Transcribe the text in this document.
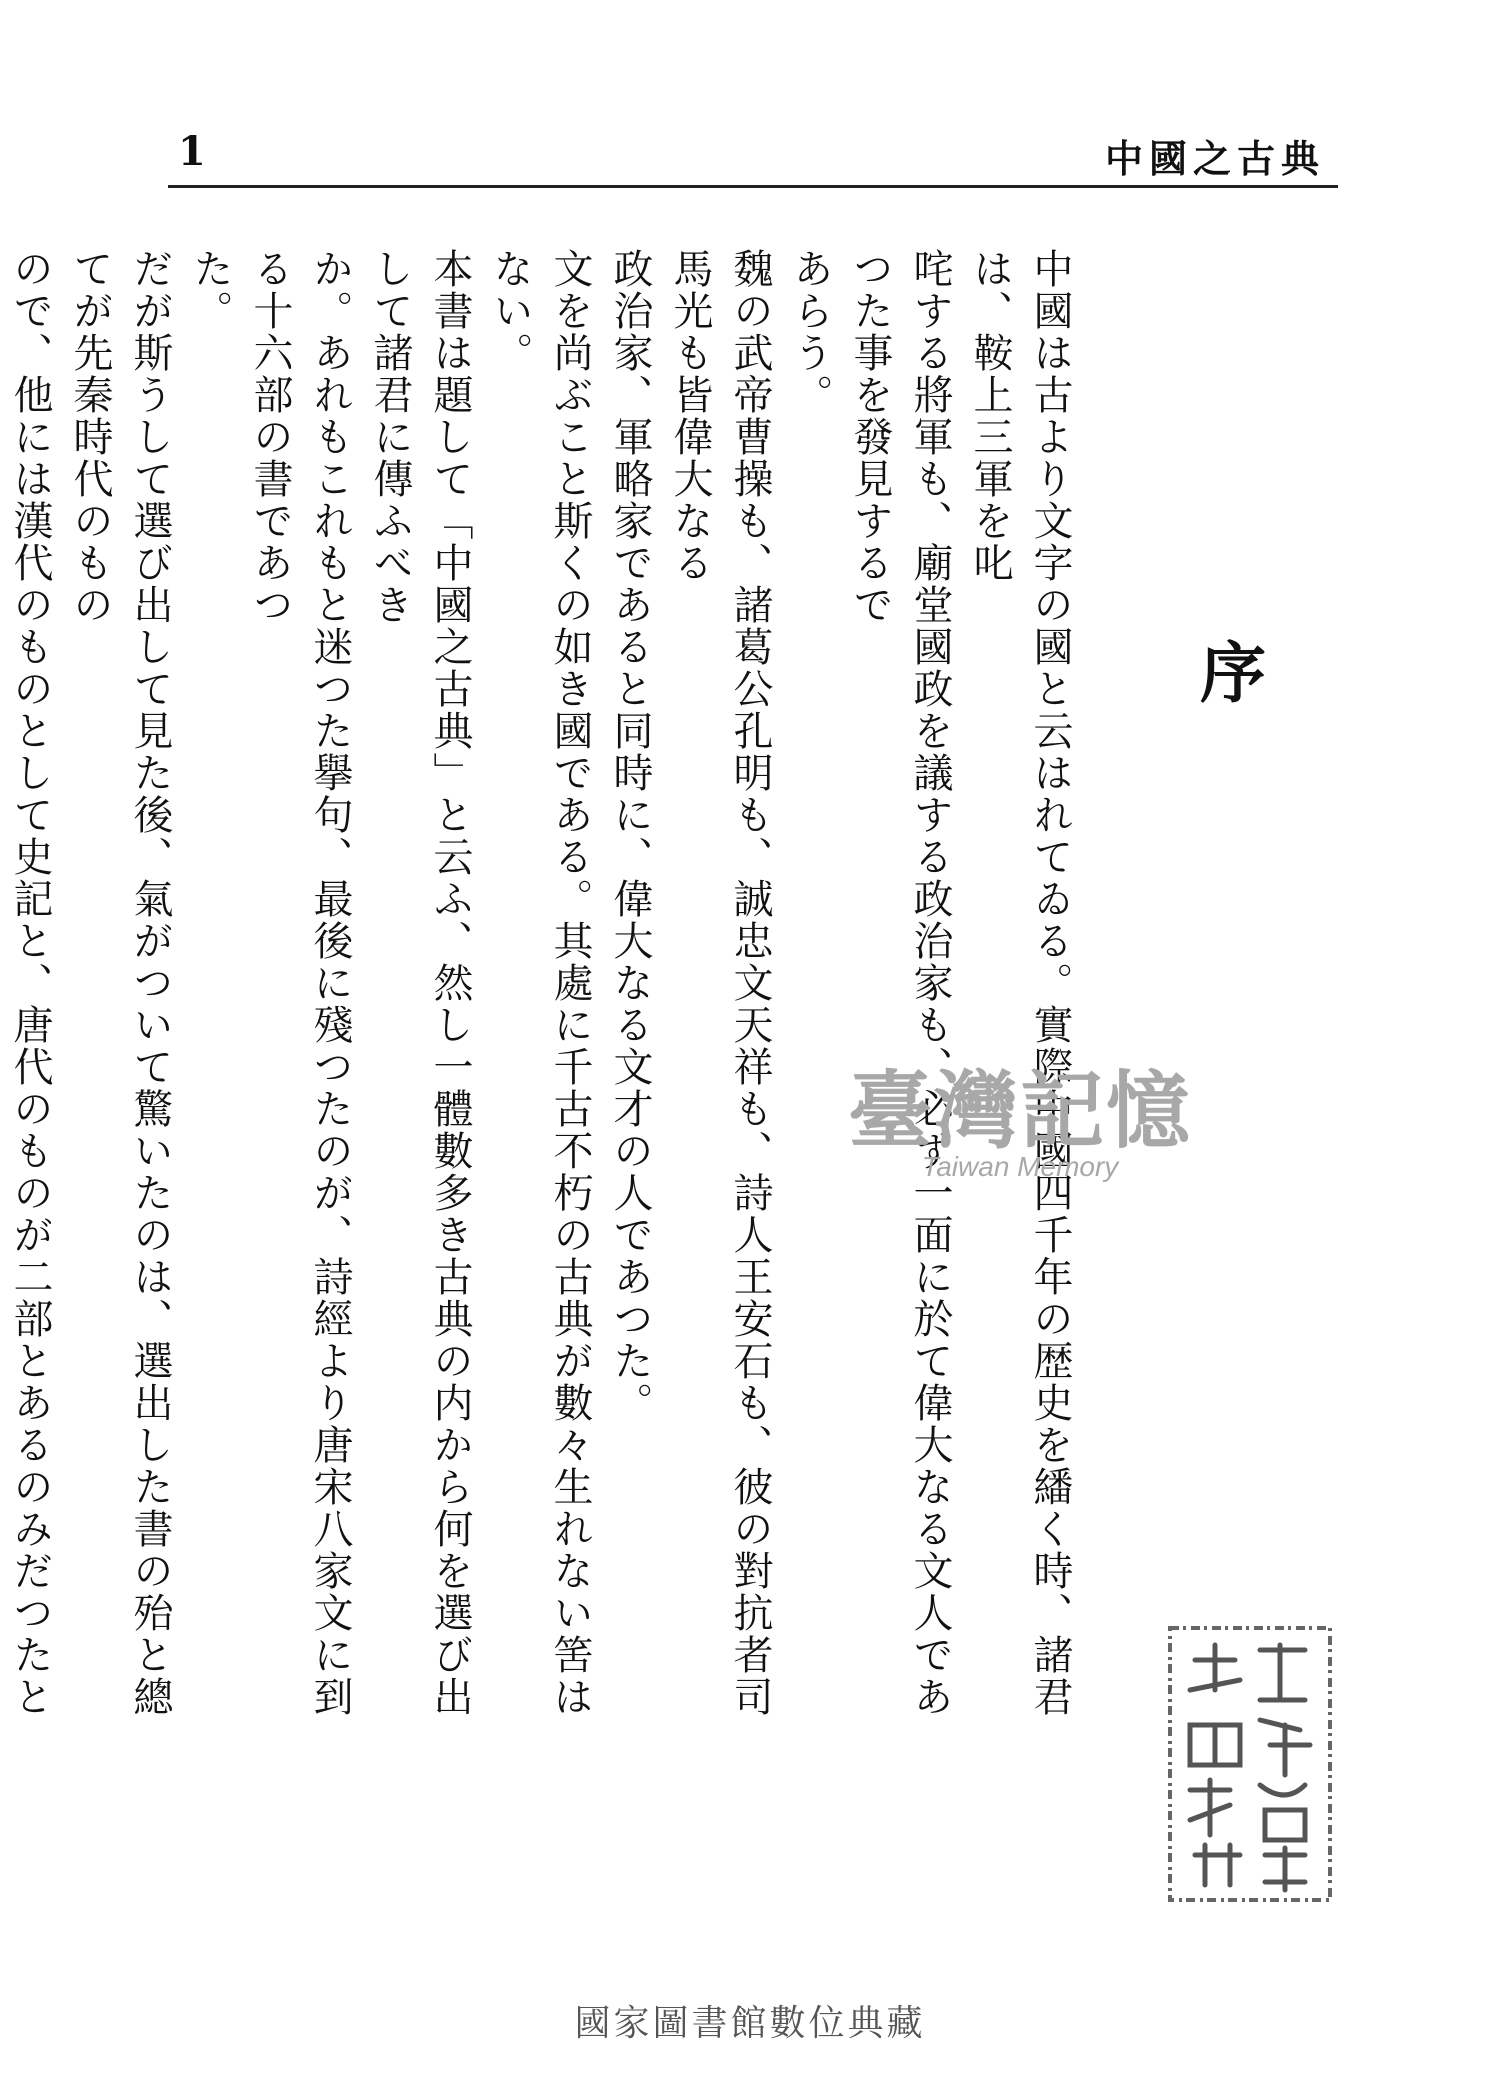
1	中國之古典
序

中國は古より文字の國と云はれてゐる。實際中國四千年の歴史を繙く時、諸君は、鞍上三軍を叱

咤する將軍も、廟堂國政を議する政治家も、必ず一面に於て偉大なる文人であつた事を發見するで

あらう。

魏の武帝曹操も、諸葛公孔明も、誠忠文天祥も、詩人王安石も、彼の對抗者司馬光も皆偉大なる

政治家、軍略家であると同時に、偉大なる文才の人であつた。

文を尚ぶこと斯くの如き國である。其處に千古不朽の古典が數々生れない筈はない。

本書は題して「中國之古典」と云ふ、然し一體數多き古典の内から何を選び出して諸君に傳ふべき

か。あれもこれもと迷つた擧句、最後に殘つたのが、詩經より唐宋八家文に到る十六部の書であつ

た。

だが斯うして選び出して見た後、氣がついて驚いたのは、選出した書の殆と總てが先秦時代のもの

ので、他には漢代のものとして史記と、唐代のものが二部とあるのみだつたと

臺灣記憶
Taiwan Memory
國家圖書館數位典藏
